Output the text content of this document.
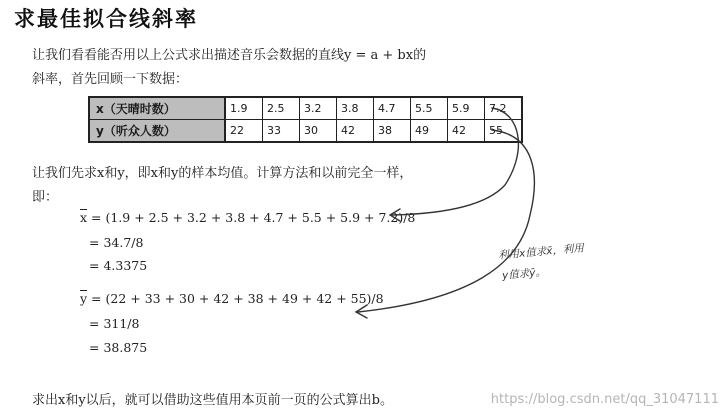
求最佳拟合线斜率
让我们看看能否用以上公式求出描述音乐会数据的直线y = a + bx的
斜率，首先回顾一下数据：
x（天晴时数）	1.9	2.5	3.2	3.8	4.7	5.5	5.9	7.2
y（听众人数）	22	33	30	42	38	49	42	55
让我们先求x和y，即x和y的样本均值。计算方法和以前完全一样，
即：
$\overline{x} = (1.9 + 2.5 + 3.2 + 3.8 + 4.7 + 5.5 + 5.9 + 7.2)/8$
= 34.7/8
= 4.3375
$\overline{y} = (22 + 33 + 30 + 42 + 38 + 49 + 42 + 55)/8$
= 311/8
= 38.875
利用x值求x̄，利用
y值求ȳ。
求出x和y以后，就可以借助这些值用本页前一页的公式算出b。	https://blog.csdn.net/qq_31047111
